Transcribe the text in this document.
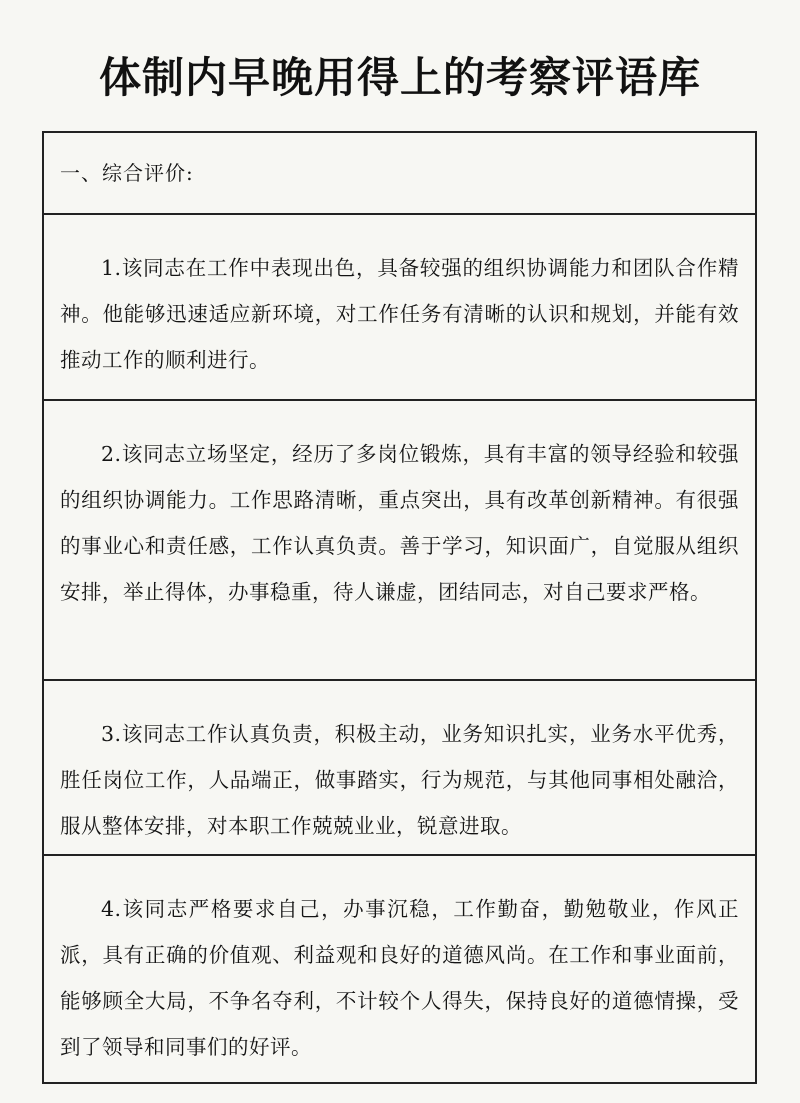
体制内早晚用得上的考察评语库
一、综合评价:

1.该同志在工作中表现出色，具备较强的组织协调能力和团队合作精神。他能够迅速适应新环境，对工作任务有清晰的认识和规划，并能有效推动工作的顺利进行。

2.该同志立场坚定，经历了多岗位锻炼，具有丰富的领导经验和较强的组织协调能力。工作思路清晰，重点突出，具有改革创新精神。有很强的事业心和责任感，工作认真负责。善于学习，知识面广，自觉服从组织安排，举止得体，办事稳重，待人谦虚，团结同志，对自己要求严格。

3.该同志工作认真负责，积极主动，业务知识扎实，业务水平优秀，胜任岗位工作，人品端正，做事踏实，行为规范，与其他同事相处融洽，服从整体安排，对本职工作兢兢业业，锐意进取。

4.该同志严格要求自己，办事沉稳，工作勤奋，勤勉敬业，作风正派，具有正确的价值观、利益观和良好的道德风尚。在工作和事业面前，能够顾全大局，不争名夺利，不计较个人得失，保持良好的道德情操，受到了领导和同事们的好评。
